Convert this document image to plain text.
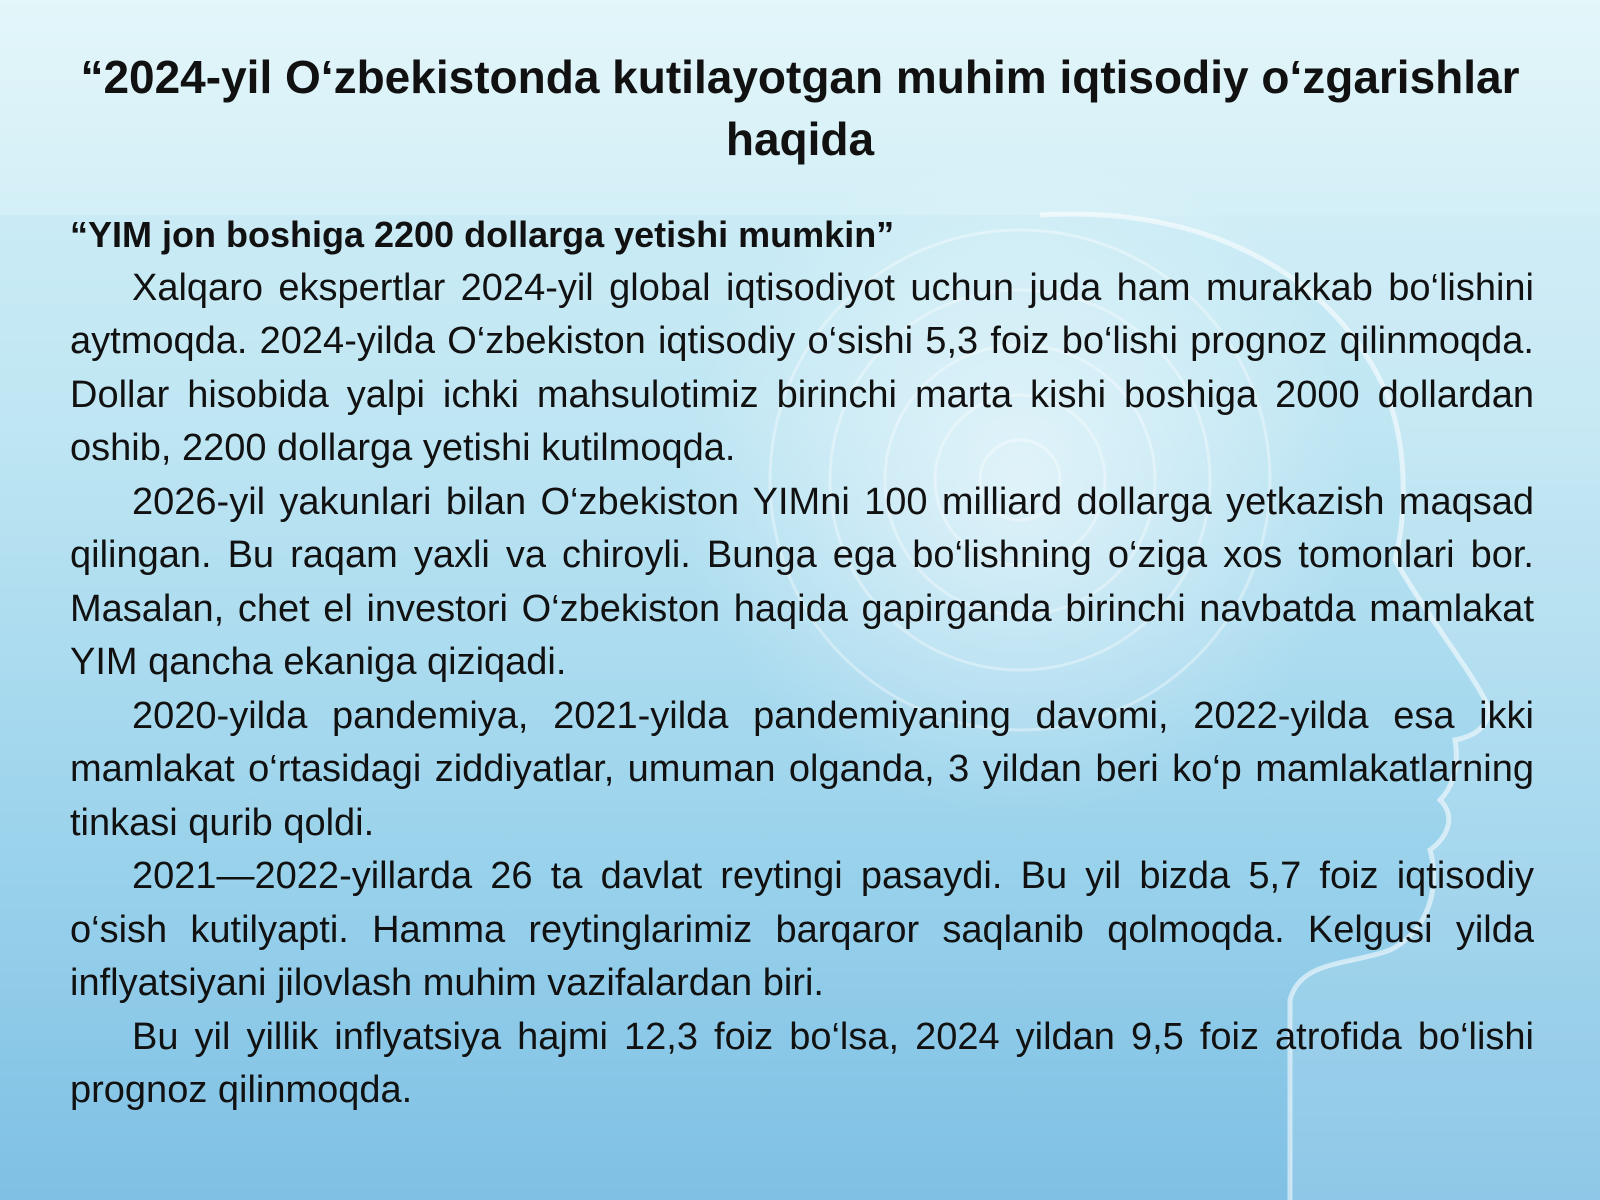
“2024-yil O‘zbekistonda kutilayotgan muhim iqtisodiy o‘zgarishlar haqida

“YIM jon boshiga 2200 dollarga yetishi mumkin”

Xalqaro ekspertlar 2024-yil global iqtisodiyot uchun juda ham murakkab bo‘lishini aytmoqda. 2024-yilda O‘zbekiston iqtisodiy o‘sishi 5,3 foiz bo‘lishi prognoz qilinmoqda. Dollar hisobida yalpi ichki mahsulotimiz birinchi marta kishi boshiga 2000 dollardan oshib, 2200 dollarga yetishi kutilmoqda.

2026-yil yakunlari bilan O‘zbekiston YIMni 100 milliard dollarga yetkazish maqsad qilingan. Bu raqam yaxli va chiroyli. Bunga ega bo‘lishning o‘ziga xos tomonlari bor. Masalan, chet el investori O‘zbekiston haqida gapirganda birinchi navbatda mamlakat YIM qancha ekaniga qiziqadi.

2020-yilda pandemiya, 2021-yilda pandemiyaning davomi, 2022-yilda esa ikki mamlakat o‘rtasidagi ziddiyatlar, umuman olganda, 3 yildan beri ko‘p mamlakatlarning tinkasi qurib qoldi.

2021—2022-yillarda 26 ta davlat reytingi pasaydi. Bu yil bizda 5,7 foiz iqtisodiy o‘sish kutilyapti. Hamma reytinglarimiz barqaror saqlanib qolmoqda. Kelgusi yilda inflyatsiyani jilovlash muhim vazifalardan biri.

Bu yil yillik inflyatsiya hajmi 12,3 foiz bo‘lsa, 2024 yildan 9,5 foiz atrofida bo‘lishi prognoz qilinmoqda.
